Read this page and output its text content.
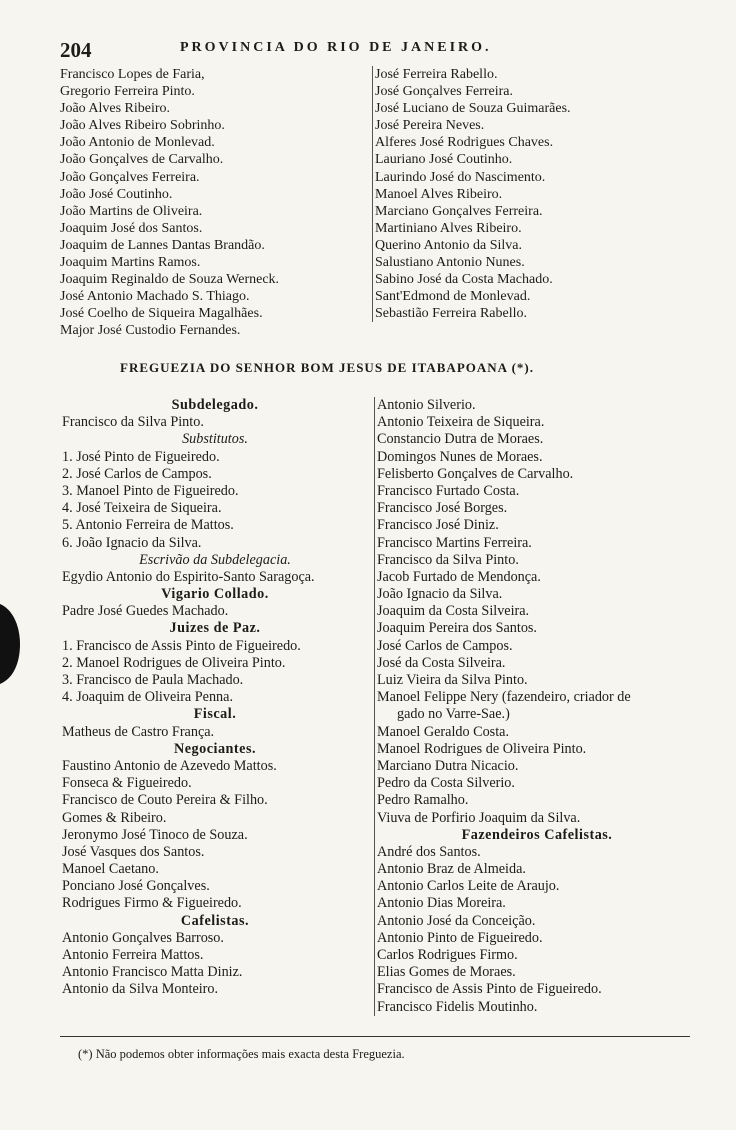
204	PROVINCIA DO RIO DE JANEIRO.
Francisco Lopes de Faria,
Gregorio Ferreira Pinto.
João Alves Ribeiro.
João Alves Ribeiro Sobrinho.
João Antonio de Monlevad.
João Gonçalves de Carvalho.
João Gonçalves Ferreira.
João José Coutinho.
João Martins de Oliveira.
Joaquim José dos Santos.
Joaquim de Lannes Dantas Brandão.
Joaquim Martins Ramos.
Joaquim Reginaldo de Souza Werneck.
José Antonio Machado S. Thiago.
José Coelho de Siqueira Magalhães.
Major José Custodio Fernandes.
José Ferreira Rabello.
José Gonçalves Ferreira.
José Luciano de Souza Guimarães.
José Pereira Neves.
Alferes José Rodrigues Chaves.
Lauriano José Coutinho.
Laurindo José do Nascimento.
Manoel Alves Ribeiro.
Marciano Gonçalves Ferreira.
Martiniano Alves Ribeiro.
Querino Antonio da Silva.
Salustiano Antonio Nunes.
Sabino José da Costa Machado.
Sant'Edmond de Monlevad.
Sebastião Ferreira Rabello.
FREGUEZIA DO SENHOR BOM JESUS DE ITABAPOANA (*).
Subdelegado.
Francisco da Silva Pinto.
Substitutos.
1. José Pinto de Figueiredo.
2. José Carlos de Campos.
3. Manoel Pinto de Figueiredo.
4. José Teixeira de Siqueira.
5. Antonio Ferreira de Mattos.
6. João Ignacio da Silva.
Escrivão da Subdelegacia.
Egydio Antonio do Espirito-Santo Saragoça.
Vigario Collado.
Padre José Guedes Machado.
Juizes de Paz.
1. Francisco de Assis Pinto de Figueiredo.
2. Manoel Rodrigues de Oliveira Pinto.
3. Francisco de Paula Machado.
4. Joaquim de Oliveira Penna.
Fiscal.
Matheus de Castro França.
Negociantes.
Faustino Antonio de Azevedo Mattos.
Fonseca & Figueiredo.
Francisco de Couto Pereira & Filho.
Gomes & Ribeiro.
Jeronymo José Tinoco de Souza.
José Vasques dos Santos.
Manoel Caetano.
Ponciano José Gonçalves.
Rodrigues Firmo & Figueiredo.
Cafelistas.
Antonio Gonçalves Barroso.
Antonio Ferreira Mattos.
Antonio Francisco Matta Diniz.
Antonio da Silva Monteiro.
Antonio Silverio.
Antonio Teixeira de Siqueira.
Constancio Dutra de Moraes.
Domingos Nunes de Moraes.
Felisberto Gonçalves de Carvalho.
Francisco Furtado Costa.
Francisco José Borges.
Francisco José Diniz.
Francisco Martins Ferreira.
Francisco da Silva Pinto.
Jacob Furtado de Mendonça.
João Ignacio da Silva.
Joaquim da Costa Silveira.
Joaquim Pereira dos Santos.
José Carlos de Campos.
José da Costa Silveira.
Luiz Vieira da Silva Pinto.
Manoel Felippe Nery (fazendeiro, criador de
gado no Varre-Sae.)
Manoel Geraldo Costa.
Manoel Rodrigues de Oliveira Pinto.
Marciano Dutra Nicacio.
Pedro da Costa Silverio.
Pedro Ramalho.
Viuva de Porfirio Joaquim da Silva.
Fazendeiros Cafelistas.
André dos Santos.
Antonio Braz de Almeida.
Antonio Carlos Leite de Araujo.
Antonio Dias Moreira.
Antonio José da Conceição.
Antonio Pinto de Figueiredo.
Carlos Rodrigues Firmo.
Elias Gomes de Moraes.
Francisco de Assis Pinto de Figueiredo.
Francisco Fidelis Moutinho.
(*) Não podemos obter informações mais exacta desta Freguezia.
